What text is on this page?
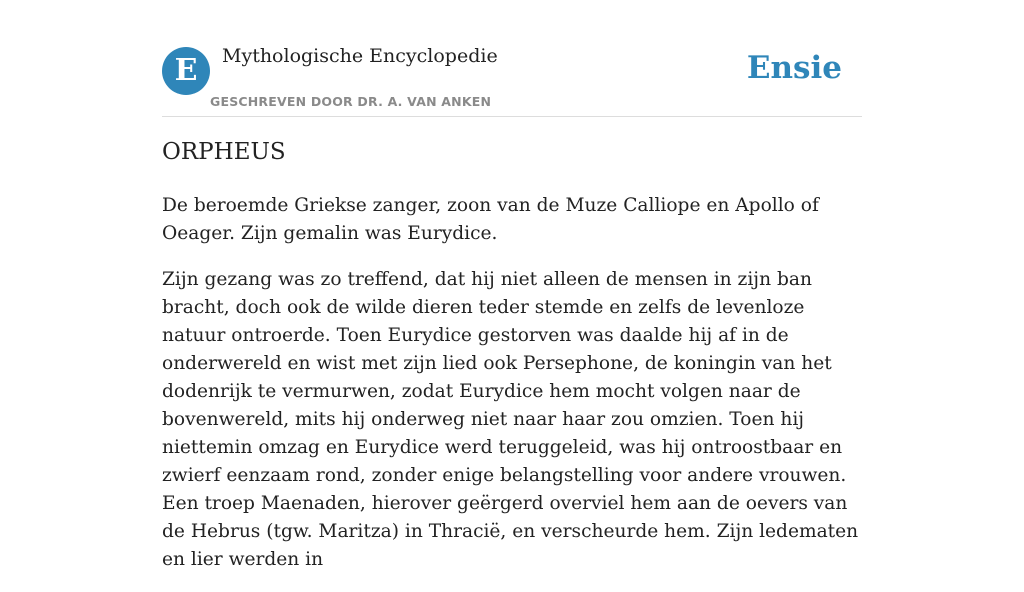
E	Mythologische Encyclopedie
GESCHREVEN DOOR DR. A. VAN ANKEN
Ensie
ORPHEUS

De beroemde Griekse zanger, zoon van de Muze Calliope en Apollo of Oeager. Zijn gemalin was Eurydice.

Zijn gezang was zo treffend, dat hij niet alleen de mensen in zijn ban bracht, doch ook de wilde dieren teder stemde en zelfs de levenloze natuur ontroerde. Toen Eurydice gestorven was daalde hij af in de onderwereld en wist met zijn lied ook Persephone, de koningin van het dodenrijk te vermurwen, zodat Eurydice hem mocht volgen naar de bovenwereld, mits hij onderweg niet naar haar zou omzien. Toen hij niettemin omzag en Eurydice werd teruggeleid, was hij ontroostbaar en zwierf eenzaam rond, zonder enige belangstelling voor andere vrouwen. Een troep Maenaden, hierover geërgerd overviel hem aan de oevers van de Hebrus (tgw. Maritza) in Thracië, en verscheurde hem. Zijn ledematen en lier werden in
